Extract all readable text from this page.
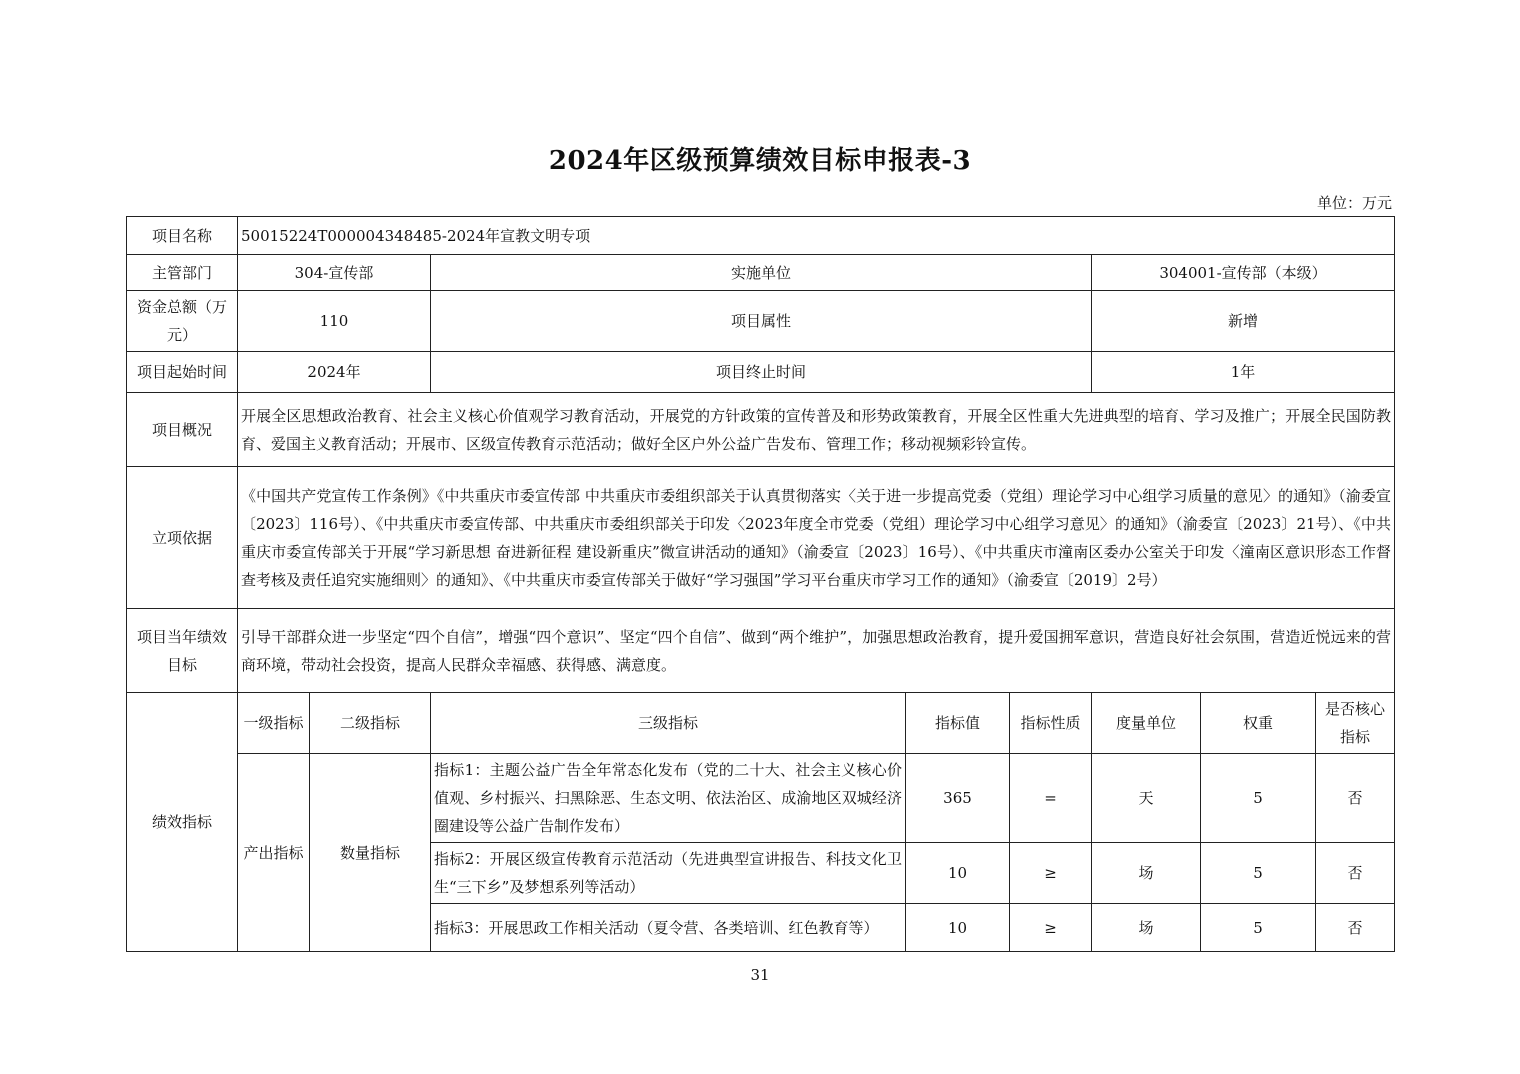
2024年区级预算绩效目标申报表-3
单位：万元
项目名称	50015224T000004348485-2024年宣教文明专项							
主管部门	304-宣传部		实施单位			304001-宣传部（本级）		
资金总额（万元）	110		项目属性			新增		
项目起始时间	2024年		项目终止时间			1年		
项目概况	开展全区思想政治教育、社会主义核心价值观学习教育活动，开展党的方针政策的宣传普及和形势政策教育，开展全区性重大先进典型的培育、学习及推广；开展全民国防教育、爱国主义教育活动；开展市、区级宣传教育示范活动；做好全区户外公益广告发布、管理工作；移动视频彩铃宣传。							
立项依据	《中国共产党宣传工作条例》《中共重庆市委宣传部 中共重庆市委组织部关于认真贯彻落实〈关于进一步提高党委（党组）理论学习中心组学习质量的意见〉的通知》（渝委宣〔2023〕116号）、《中共重庆市委宣传部、中共重庆市委组织部关于印发〈2023年度全市党委（党组）理论学习中心组学习意见〉的通知》（渝委宣〔2023〕21号）、《中共重庆市委宣传部关于开展“学习新思想 奋进新征程 建设新重庆”微宣讲活动的通知》（渝委宣〔2023〕16号）、《中共重庆市潼南区委办公室关于印发〈潼南区意识形态工作督查考核及责任追究实施细则〉的通知》、《中共重庆市委宣传部关于做好“学习强国”学习平台重庆市学习工作的通知》（渝委宣〔2019〕2号）							
项目当年绩效目标	引导干部群众进一步坚定“四个自信”，增强“四个意识”、坚定“四个自信”、做到“两个维护”，加强思想政治教育，提升爱国拥军意识，营造良好社会氛围，营造近悦远来的营商环境，带动社会投资，提高人民群众幸福感、获得感、满意度。							
绩效指标	一级指标	二级指标	三级指标	指标值	指标性质	度量单位	权重	是否核心指标
	产出指标	数量指标	指标1：主题公益广告全年常态化发布（党的二十大、社会主义核心价值观、乡村振兴、扫黑除恶、生态文明、依法治区、成渝地区双城经济圈建设等公益广告制作发布）	365	=	天	5	否
			指标2：开展区级宣传教育示范活动（先进典型宣讲报告、科技文化卫生“三下乡”及梦想系列等活动）	10	≥	场	5	否
			指标3：开展思政工作相关活动（夏令营、各类培训、红色教育等）	10	≥	场	5	否
31
